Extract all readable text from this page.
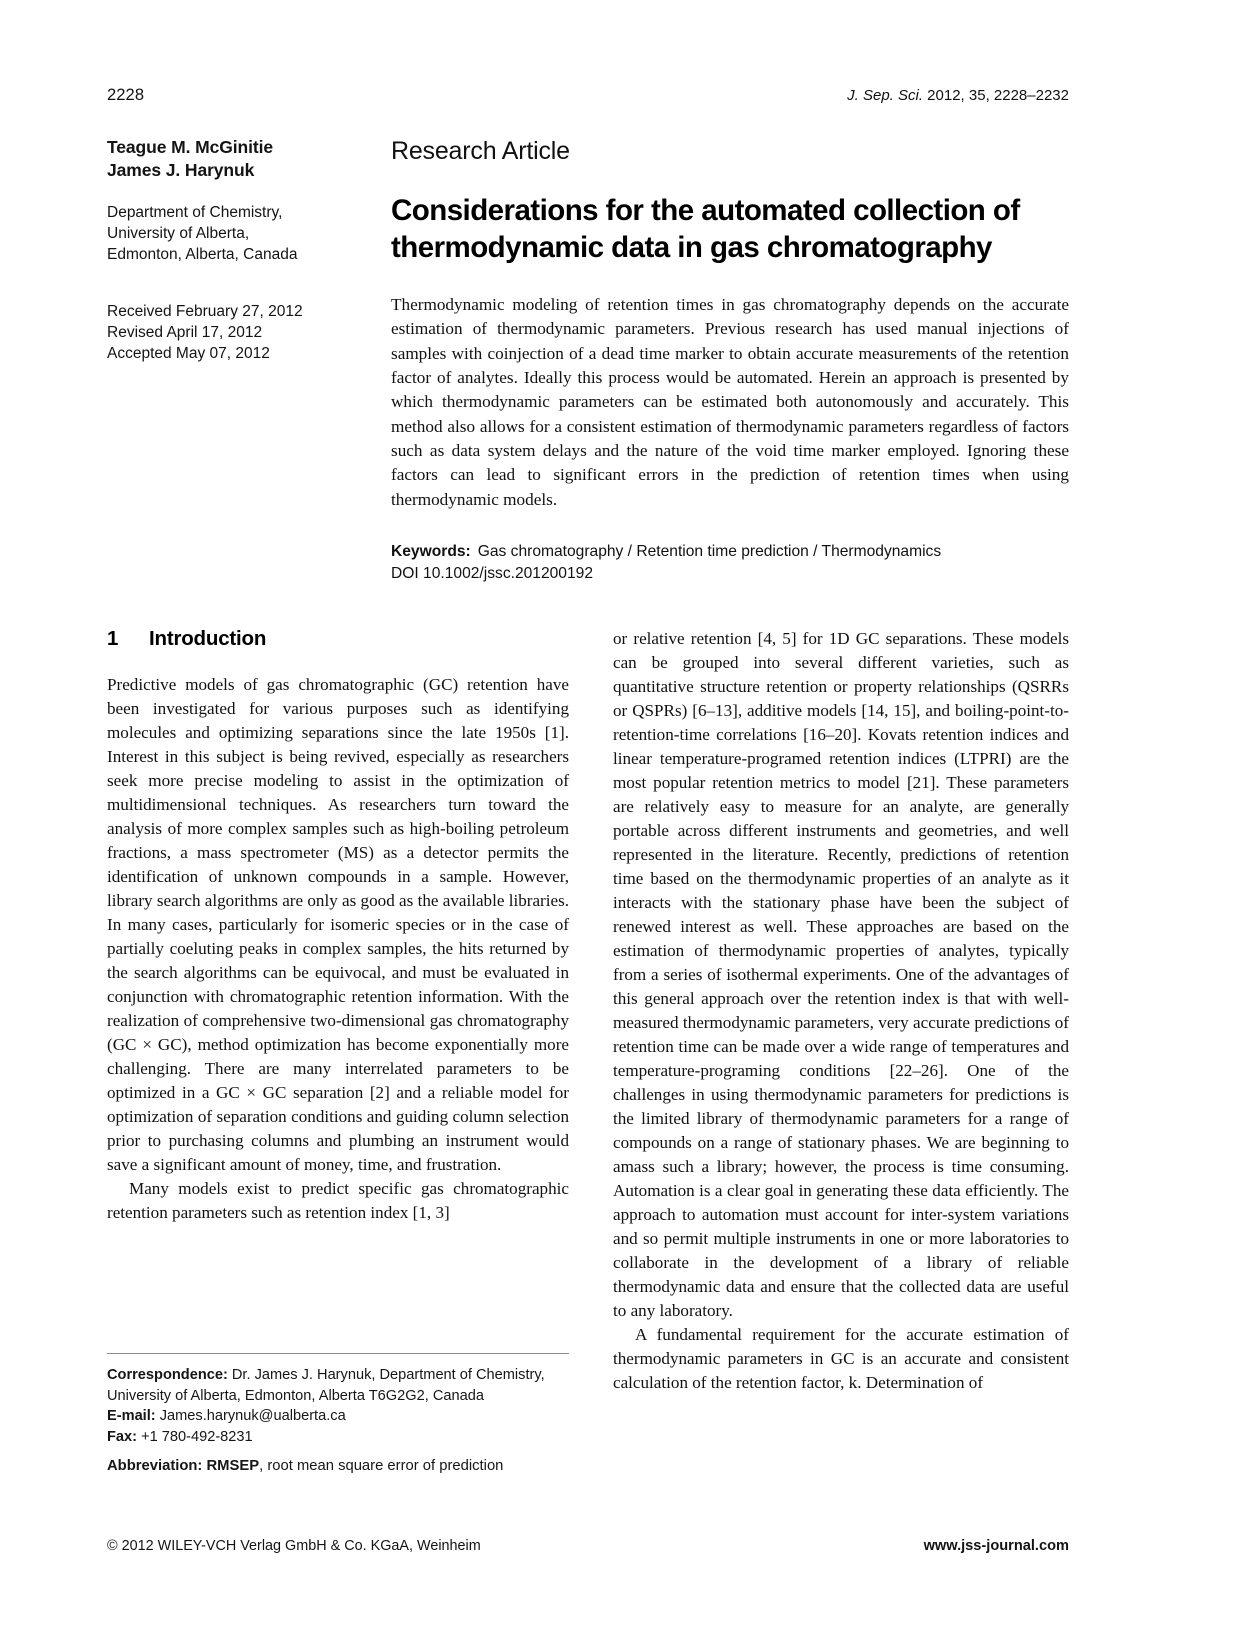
2228	J. Sep. Sci. 2012, 35, 2228–2232
Teague M. McGinitie
James J. Harynuk
Department of Chemistry,
University of Alberta,
Edmonton, Alberta, Canada
Received February 27, 2012
Revised April 17, 2012
Accepted May 07, 2012
Research Article
Considerations for the automated collection of thermodynamic data in gas chromatography
Thermodynamic modeling of retention times in gas chromatography depends on the accurate estimation of thermodynamic parameters. Previous research has used manual injections of samples with coinjection of a dead time marker to obtain accurate measurements of the retention factor of analytes. Ideally this process would be automated. Herein an approach is presented by which thermodynamic parameters can be estimated both autonomously and accurately. This method also allows for a consistent estimation of thermodynamic parameters regardless of factors such as data system delays and the nature of the void time marker employed. Ignoring these factors can lead to significant errors in the prediction of retention times when using thermodynamic models.
Keywords: Gas chromatography / Retention time prediction / Thermodynamics
DOI 10.1002/jssc.201200192
1	Introduction

Predictive models of gas chromatographic (GC) retention have been investigated for various purposes such as identifying molecules and optimizing separations since the late 1950s [1]. Interest in this subject is being revived, especially as researchers seek more precise modeling to assist in the optimization of multidimensional techniques. As researchers turn toward the analysis of more complex samples such as high-boiling petroleum fractions, a mass spectrometer (MS) as a detector permits the identification of unknown compounds in a sample. However, library search algorithms are only as good as the available libraries. In many cases, particularly for isomeric species or in the case of partially coeluting peaks in complex samples, the hits returned by the search algorithms can be equivocal, and must be evaluated in conjunction with chromatographic retention information. With the realization of comprehensive two-dimensional gas chromatography (GC × GC), method optimization has become exponentially more challenging. There are many interrelated parameters to be optimized in a GC × GC separation [2] and a reliable model for optimization of separation conditions and guiding column selection prior to purchasing columns and plumbing an instrument would save a significant amount of money, time, and frustration.

Many models exist to predict specific gas chromatographic retention parameters such as retention index [1, 3]

or relative retention [4, 5] for 1D GC separations. These models can be grouped into several different varieties, such as quantitative structure retention or property relationships (QSRRs or QSPRs) [6–13], additive models [14, 15], and boiling-point-to-retention-time correlations [16–20]. Kovats retention indices and linear temperature-programed retention indices (LTPRI) are the most popular retention metrics to model [21]. These parameters are relatively easy to measure for an analyte, are generally portable across different instruments and geometries, and well represented in the literature. Recently, predictions of retention time based on the thermodynamic properties of an analyte as it interacts with the stationary phase have been the subject of renewed interest as well. These approaches are based on the estimation of thermodynamic properties of analytes, typically from a series of isothermal experiments. One of the advantages of this general approach over the retention index is that with well-measured thermodynamic parameters, very accurate predictions of retention time can be made over a wide range of temperatures and temperature-programing conditions [22–26]. One of the challenges in using thermodynamic parameters for predictions is the limited library of thermodynamic parameters for a range of compounds on a range of stationary phases. We are beginning to amass such a library; however, the process is time consuming. Automation is a clear goal in generating these data efficiently. The approach to automation must account for inter-system variations and so permit multiple instruments in one or more laboratories to collaborate in the development of a library of reliable thermodynamic data and ensure that the collected data are useful to any laboratory.

A fundamental requirement for the accurate estimation of thermodynamic parameters in GC is an accurate and consistent calculation of the retention factor, k. Determination of

Correspondence: Dr. James J. Harynuk, Department of Chemistry, University of Alberta, Edmonton, Alberta T6G2G2, Canada
E-mail: James.harynuk@ualberta.ca
Fax: +1 780-492-8231
Abbreviation: RMSEP, root mean square error of prediction
© 2012 WILEY-VCH Verlag GmbH & Co. KGaA, Weinheim	www.jss-journal.com
